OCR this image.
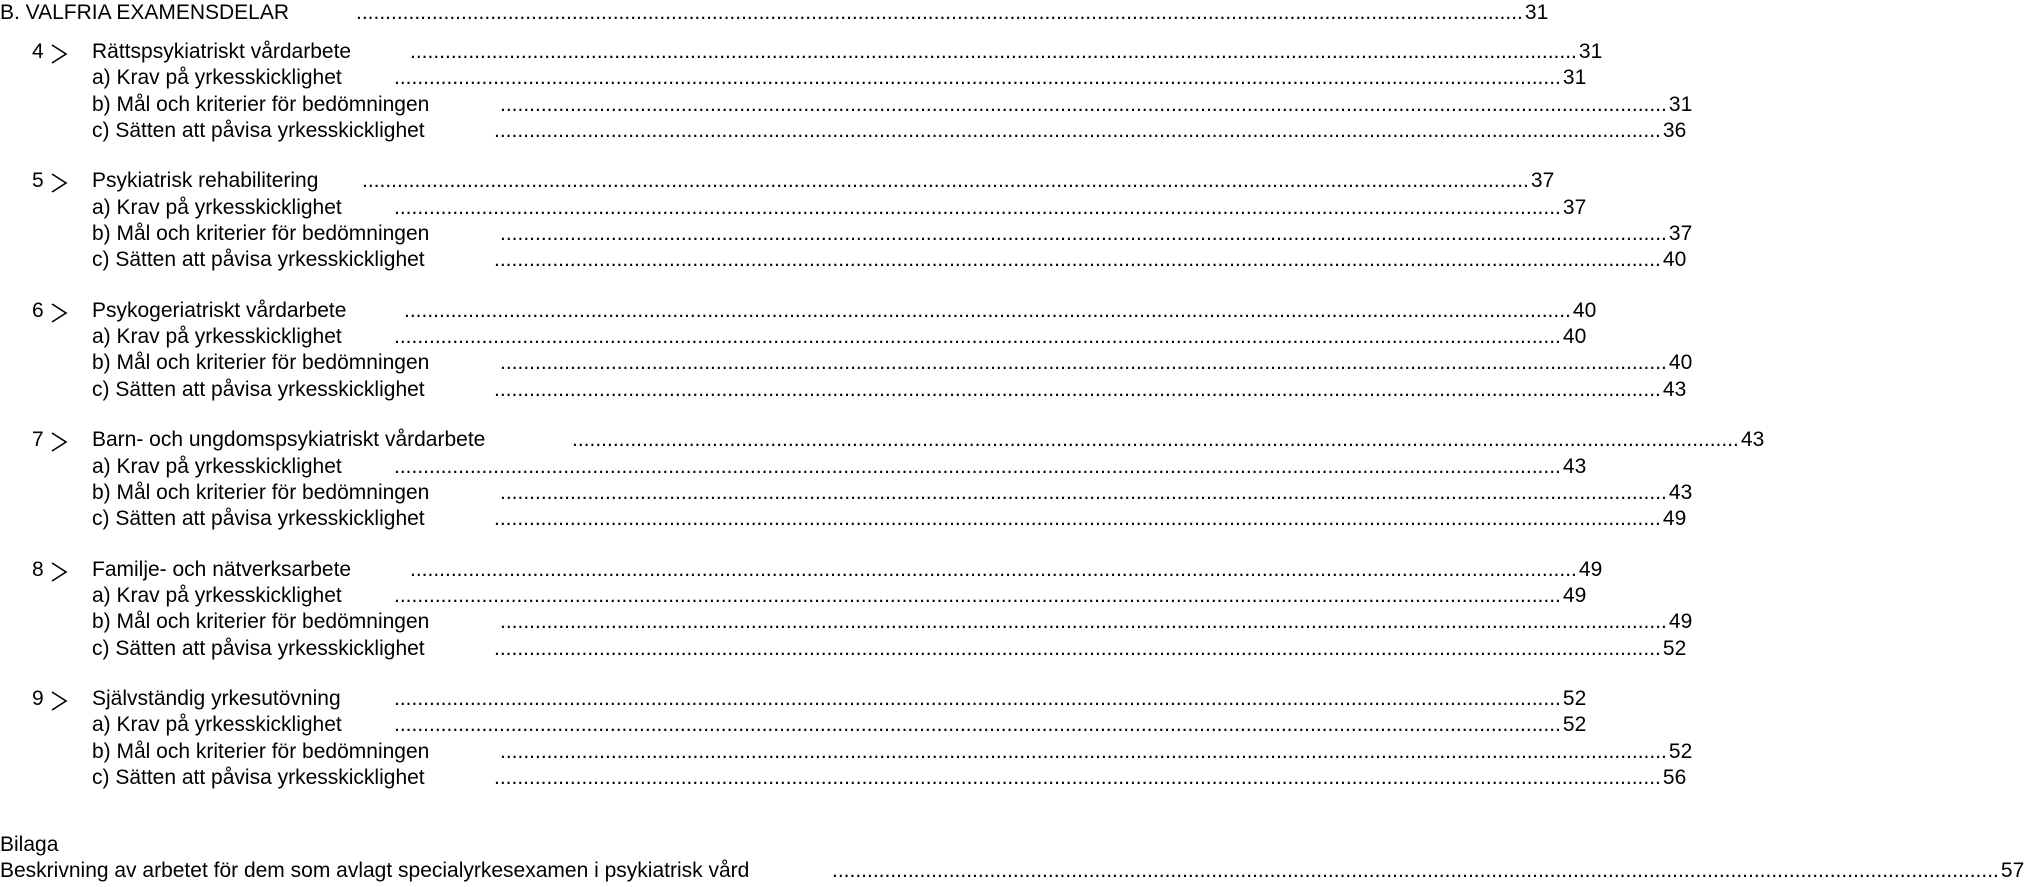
B. VALFRIA EXAMENSDELAR	........................................................................................................................................................................................................ 31
4 Rättspsykiatriskt vårdarbete	........................................................................................................................................................................................................ 31
a) Krav på yrkesskicklighet ........................................................................................................................................................................................................ 31
b) Mål och kriterier för bedömningen	........................................................................................................................................................................................................ 31
c) Sätten att påvisa yrkesskicklighet	........................................................................................................................................................................................................ 36
5 Psykiatrisk rehabilitering ........................................................................................................................................................................................................ 37
a) Krav på yrkesskicklighet ........................................................................................................................................................................................................ 37
b) Mål och kriterier för bedömningen	........................................................................................................................................................................................................ 37
c) Sätten att påvisa yrkesskicklighet	........................................................................................................................................................................................................ 40
6 Psykogeriatriskt vårdarbete	........................................................................................................................................................................................................ 40
a) Krav på yrkesskicklighet ........................................................................................................................................................................................................ 40
b) Mål och kriterier för bedömningen	........................................................................................................................................................................................................ 40
c) Sätten att påvisa yrkesskicklighet	........................................................................................................................................................................................................ 43
7 Barn- och ungdomspsykiatriskt vårdarbete	........................................................................................................................................................................................................ 43
a) Krav på yrkesskicklighet ........................................................................................................................................................................................................ 43
b) Mål och kriterier för bedömningen	........................................................................................................................................................................................................ 43
c) Sätten att påvisa yrkesskicklighet	........................................................................................................................................................................................................ 49
8 Familje- och nätverksarbete	........................................................................................................................................................................................................ 49
a) Krav på yrkesskicklighet ........................................................................................................................................................................................................ 49
b) Mål och kriterier för bedömningen	........................................................................................................................................................................................................ 49
c) Sätten att påvisa yrkesskicklighet	........................................................................................................................................................................................................ 52
9 Självständig yrkesutövning	........................................................................................................................................................................................................ 52
a) Krav på yrkesskicklighet ........................................................................................................................................................................................................ 52
b) Mål och kriterier för bedömningen	........................................................................................................................................................................................................ 52
c) Sätten att påvisa yrkesskicklighet	........................................................................................................................................................................................................ 56
Bilaga
Beskrivning av arbetet för dem som avlagt specialyrkesexamen i psykiatrisk vård	........................................................................................................................................................................................................ 57
